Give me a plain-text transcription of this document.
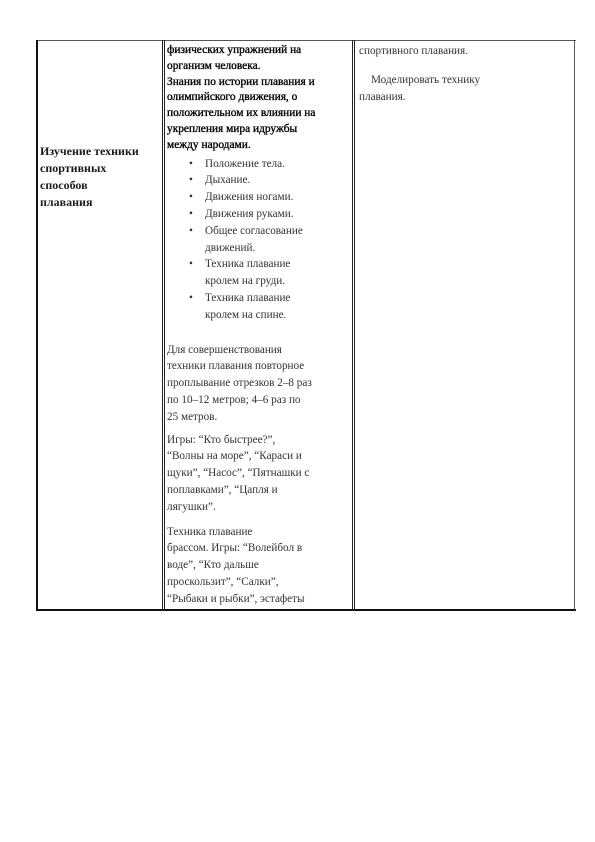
Изучение техники
спортивных
способов
плавания
физических упражнений на
организм человека.
Знания по истории плавания и
олимпийского движения, о
положительном их влиянии на
укрепления мира идружбы
между народами.
• Положение тела.
• Дыхание.
• Движения ногами.
• Движения руками.
• Общее согласование
движений.
• Техника плавание
кролем на груди.
• Техника плавание
кролем на спине.
Для совершенствования
техники плавания повторное
проплывание отрезков 2–8 раз
по 10–12 метров; 4–6 раз по
25 метров.
Игры: “Кто быстрее?”,
“Волны на море”, “Караси и
щуки”, “Насос”, “Пятнашки с
поплавками”, “Цапля и
лягушки”.
Техника плавание
брассом. Игры: “Волейбол в
воде”, “Кто дальше
проскользит”, “Салки”,
“Рыбаки и рыбки”, эстафеты
спортивного плавания.
Моделировать технику
плавания.
